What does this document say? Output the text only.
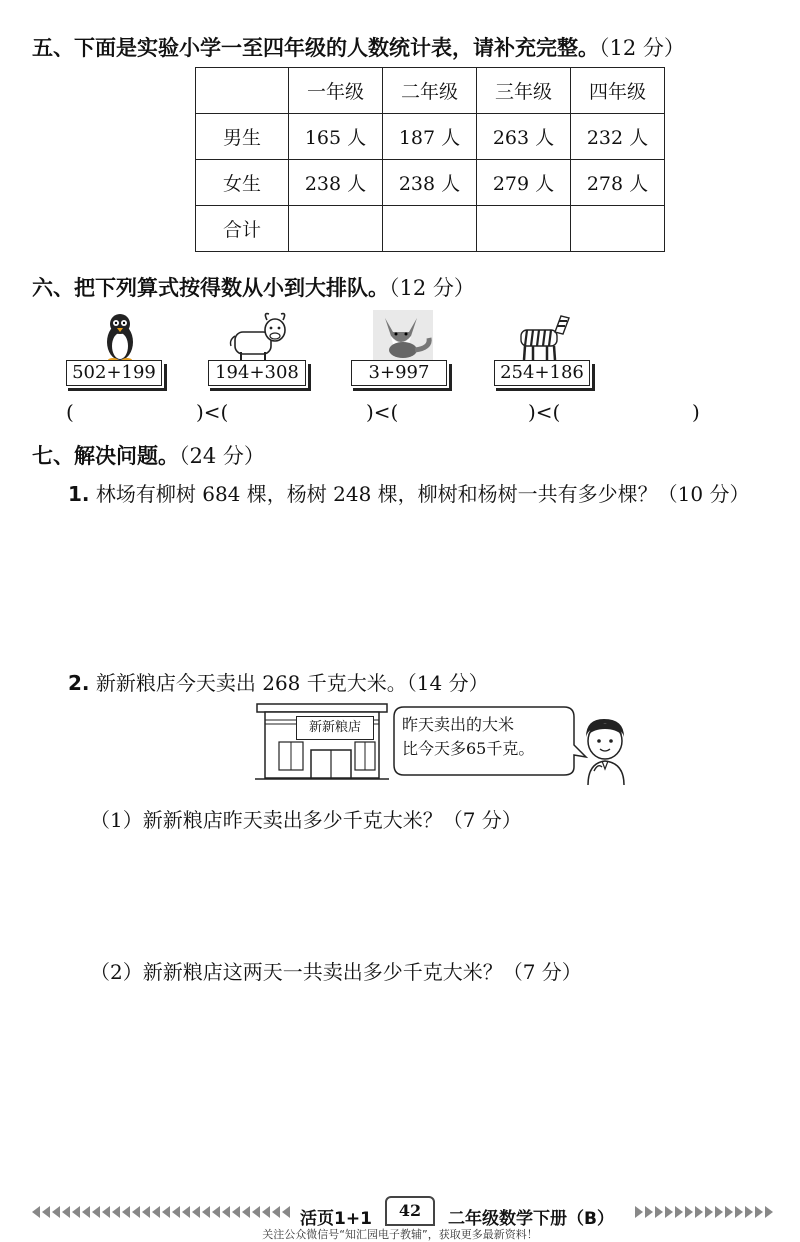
五、下面是实验小学一至四年级的人数统计表，请补充完整。（12 分）
	一年级	二年级	三年级	四年级
男生	165 人	187 人	263 人	232 人
女生	238 人	238 人	279 人	278 人
合计				
六、把下列算式按得数从小到大排队。（12 分）
502+199	194+308	3+997	254+186
(	)<(	)<(	)<(	)
七、解决问题。（24 分）
1. 林场有柳树 684 棵，杨树 248 棵，柳树和杨树一共有多少棵？（10 分）
2. 新新粮店今天卖出 268 千克大米。（14 分）
新新粮店	昨天卖出的大米
比今天多65千克。
（1）新新粮店昨天卖出多少千克大米？（7 分）
（2）新新粮店这两天一共卖出多少千克大米？（7 分）
活页1+1	42	二年级数学下册（B）
关注公众微信号“知汇园电子教辅”，获取更多最新资料！
